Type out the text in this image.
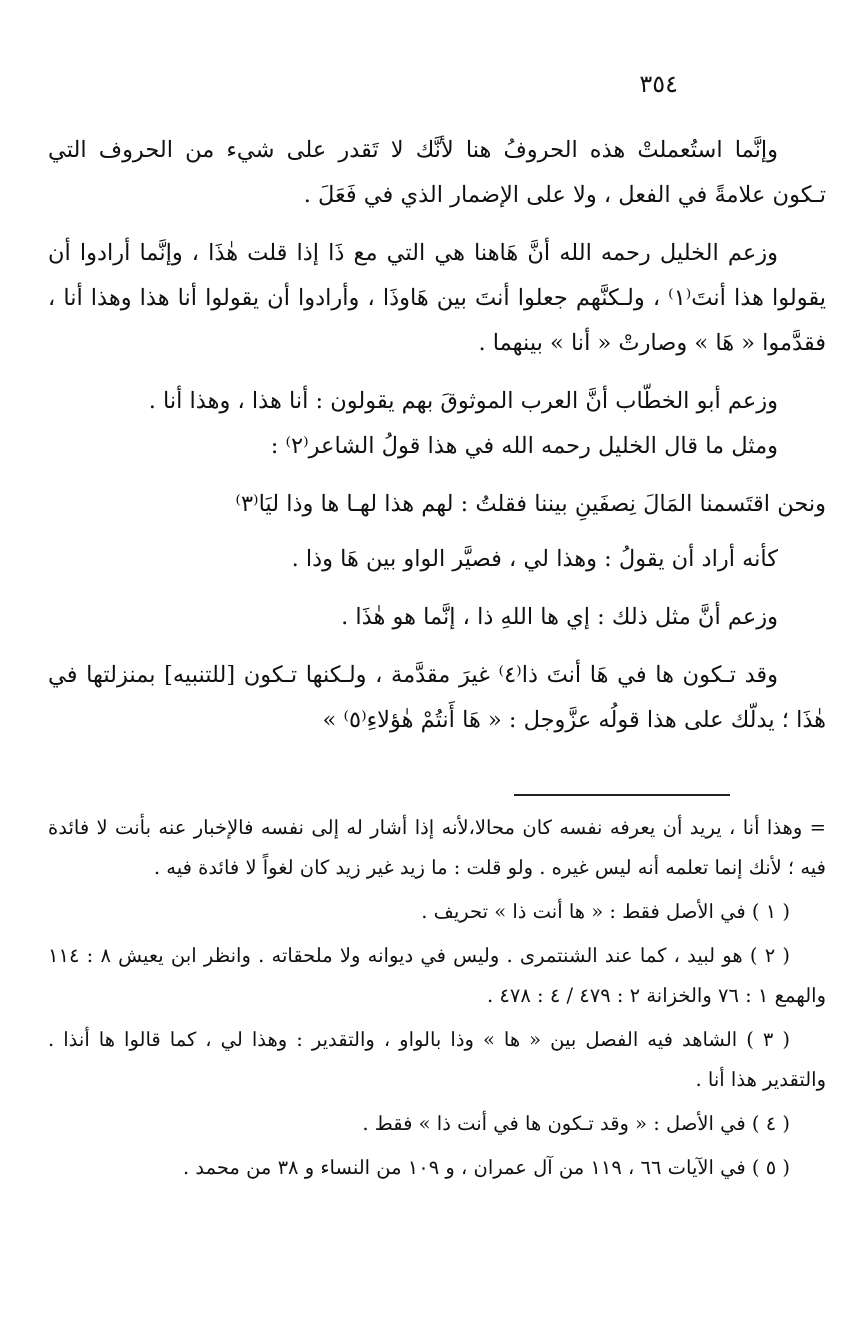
٣٥٤

وإنَّما استُعملتْ هذه الحروفُ هنا لأنَّك لا تَقدر على شيء من الحروف التي تـكون علامةً في الفعل ، ولا على الإضمار الذي في فَعَلَ .

وزعم الخليل رحمه الله أنَّ هَاهنا هي التي مع ذَا إذا قلت هٰذَا ، وإنَّما أرادوا أن يقولوا هذا أنتَ⁽١⁾ ، ولـكنَّهم جعلوا أنتَ بين هَاوذَا ، وأرادوا أن يقولوا أنا هذا وهذا أنا ، فقدَّموا « هَا » وصارتْ « أنا » بينهما .

وزعم أبو الخطّاب أنَّ العرب الموثوقَ بهم يقولون : أنا هذا ، وهذا أنا .

ومثل ما قال الخليل رحمه الله في هذا قولُ الشاعر⁽٢⁾ :

ونحن اقتَسمنا المَالَ نِصفَينِ بيننا فقلتُ : لهم هذا لهـا ها وذا ليَا⁽٣⁾

كأنه أراد أن يقولُ : وهذا لي ، فصيَّر الواو بين هَا وذا .

وزعم أنَّ مثل ذلك : إي ها اللهِ ذا ، إنَّما هو هٰذَا .

وقد تـكون ها في هَا أنتَ ذا⁽٤⁾ غيرَ مقدَّمة ، ولـكنها تـكون [للتنبيه] بمنزلتها في هٰذَا ؛ يدلّك على هذا قولُه عزَّوجل : « هَا أَنتُمْ هٰؤلاءِ⁽٥⁾ »

= وهذا أنا ، يريد أن يعرفه نفسه كان محالا،لأنه إذا أشار له إلى نفسه فالإخبار عنه بأنت لا فائدة فيه ؛ لأنك إنما تعلمه أنه ليس غيره . ولو قلت : ما زيد غير زيد كان لغواً لا فائدة فيه .

( ١ ) في الأصل فقط : « ها أنت ذا » تحريف .

( ٢ ) هو لبيد ، كما عند الشنتمرى . وليس في ديوانه ولا ملحقاته . وانظر ابن يعيش ٨ : ١١٤ والهمع ١ : ٧٦ والخزانة ٢ : ٤٧٩ / ٤ : ٤٧٨ .

( ٣ ) الشاهد فيه الفصل بين « ها » وذا بالواو ، والتقدير : وهذا لي ، كما قالوا ها أنذا . والتقدير هذا أنا .

( ٤ ) في الأصل : « وقد تـكون ها في أنت ذا » فقط .

( ٥ ) في الآيات ٦٦ ، ١١٩ من آل عمران ، و ١٠٩ من النساء و ٣٨ من محمد .
